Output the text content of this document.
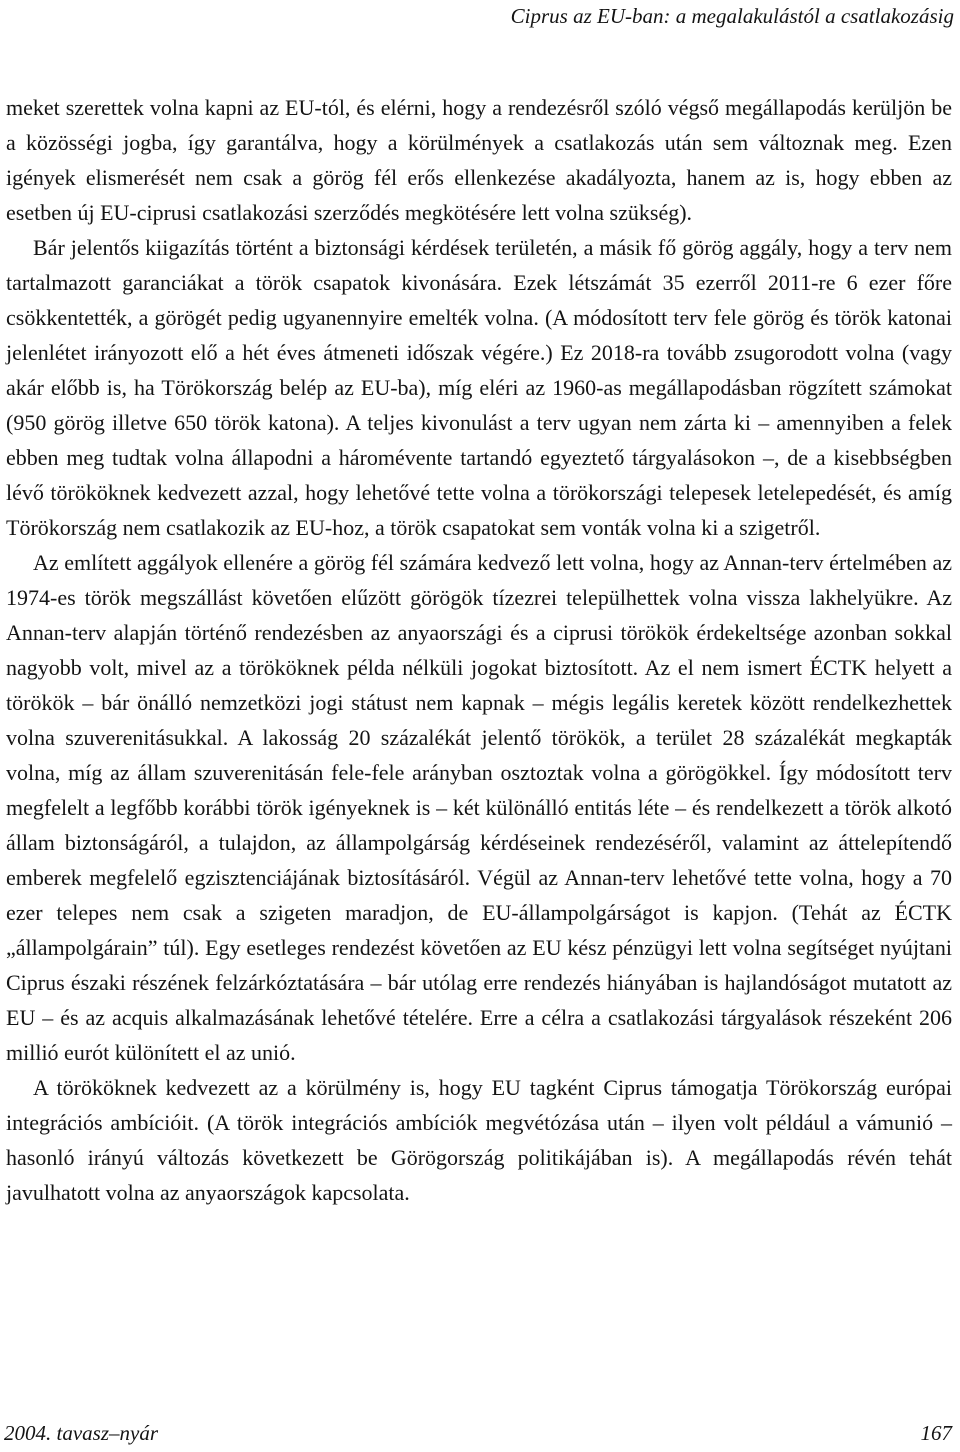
Ciprus az EU-ban: a megalakulástól a csatlakozásig

meket szerettek volna kapni az EU-tól, és elérni, hogy a rendezésről szóló végső megállapodás kerüljön be a közösségi jogba, így garantálva, hogy a körülmények a csatlakozás után sem változnak meg. Ezen igények elismerését nem csak a görög fél erős ellenkezése akadályozta, hanem az is, hogy ebben az esetben új EU-ciprusi csatlakozási szerződés megkötésére lett volna szükség).

Bár jelentős kiigazítás történt a biztonsági kérdések területén, a másik fő görög aggály, hogy a terv nem tartalmazott garanciákat a török csapatok kivonására. Ezek létszámát 35 ezerről 2011-re 6 ezer főre csökkentették, a görögét pedig ugyanennyire emelték volna. (A módosított terv fele görög és török katonai jelenlétet irányozott elő a hét éves átmeneti időszak végére.) Ez 2018-ra tovább zsugorodott volna (vagy akár előbb is, ha Törökország belép az EU-ba), míg eléri az 1960-as megállapodásban rögzített számokat (950 görög illetve 650 török katona). A teljes kivonulást a terv ugyan nem zárta ki – amennyiben a felek ebben meg tudtak volna állapodni a háromévente tartandó egyeztető tárgyalásokon –, de a kisebbségben lévő törököknek kedvezett azzal, hogy lehetővé tette volna a törökországi telepesek letelepedését, és amíg Törökország nem csatlakozik az EU-hoz, a török csapatokat sem vonták volna ki a szigetről.

Az említett aggályok ellenére a görög fél számára kedvező lett volna, hogy az Annan-terv értelmében az 1974-es török megszállást követően elűzött görögök tízezrei települhettek volna vissza lakhelyükre. Az Annan-terv alapján történő rendezésben az anyaországi és a ciprusi törökök érdekeltsége azonban sokkal nagyobb volt, mivel az a törököknek példa nélküli jogokat biztosított. Az el nem ismert ÉCTK helyett a törökök – bár önálló nemzetközi jogi státust nem kapnak – mégis legális keretek között rendelkezhettek volna szuverenitásukkal. A lakosság 20 százalékát jelentő törökök, a terület 28 százalékát megkapták volna, míg az állam szuverenitásán fele-fele arányban osztoztak volna a görögökkel. Így módosított terv megfelelt a legfőbb korábbi török igényeknek is – két különálló entitás léte – és rendelkezett a török alkotó állam biztonságáról, a tulajdon, az állampolgárság kérdéseinek rendezéséről, valamint az áttelepítendő emberek megfelelő egzisztenciájának biztosításáról. Végül az Annan-terv lehetővé tette volna, hogy a 70 ezer telepes nem csak a szigeten maradjon, de EU-állampolgárságot is kapjon. (Tehát az ÉCTK „állampolgárain” túl). Egy esetleges rendezést követően az EU kész pénzügyi lett volna segítséget nyújtani Ciprus északi részének felzárkóztatására – bár utólag erre rendezés hiányában is hajlandóságot mutatott az EU – és az acquis alkalmazásának lehetővé tételére. Erre a célra a csatlakozási tárgyalások részeként 206 millió eurót különített el az unió.

A törököknek kedvezett az a körülmény is, hogy EU tagként Ciprus támogatja Törökország európai integrációs ambícióit. (A török integrációs ambíciók megvétózása után – ilyen volt például a vámunió – hasonló irányú változás következett be Görögország politikájában is). A megállapodás révén tehát javulhatott volna az anyaországok kapcsolata.

2004. tavasz–nyár	167
